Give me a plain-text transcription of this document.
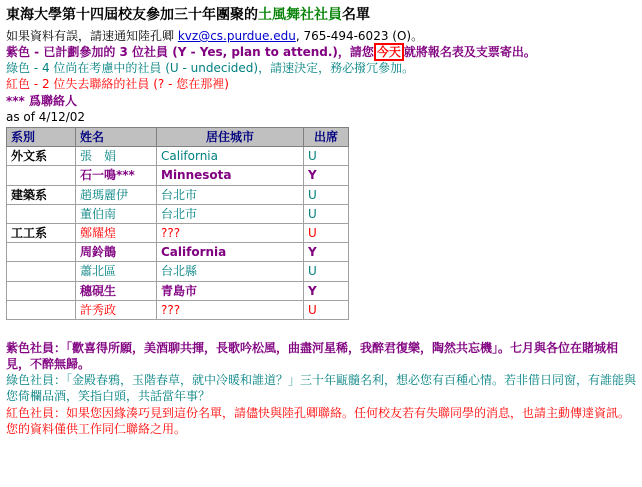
東海大學第十四屆校友參加三十年團聚的土風舞社社員名單

如果資料有誤，請速通知陸孔卿 kvz@cs.purdue.edu, 765-494-6023 (O)。

紫色 - 已計劃參加的 3 位社員 (Y - Yes, plan to attend.)，請您 今天 就將報名表及支票寄出。

綠色 - 4 位尚在考慮中的社員 (U - undecided)，請速決定，務必撥冗參加。

紅色 - 2 位失去聯絡的社員 (? - 您在那裡)

*** 爲聯絡人

as of 4/12/02

系別	姓名	居住城市	出席
外文系	張　娟	California	U
	石一鳴***	Minnesota	Y
建築系	趙瑪麗伊	台北市	U
	董伯南	台北市	U
工工系	鄭耀煌	???	U
	周鈴鵲	California	Y
	蕭北區	台北縣	U
	穗硯生	青島市	Y
	許秀政	???	U

紫色社員：「歡喜得所願，美酒聊共揮，長歌吟松風，曲盡河星稀，我醉君復樂，陶然共忘機」。七月與各位在賭城相見，不醉無歸。

綠色社員：「金殿春鴉，玉階春草，就中冷暖和誰道？」三十年甌髓名利，想必您有百種心情。若非借日同窗，有誰能與您倚欄品酒，笑指白頭，共話當年事？

紅色社員：如果您因緣湊巧見到這份名單，請儘快與陸孔卿聯絡。任何校友若有失聯同學的消息，也請主動傳達資訊。您的資料僅供工作同仁聯絡之用。
